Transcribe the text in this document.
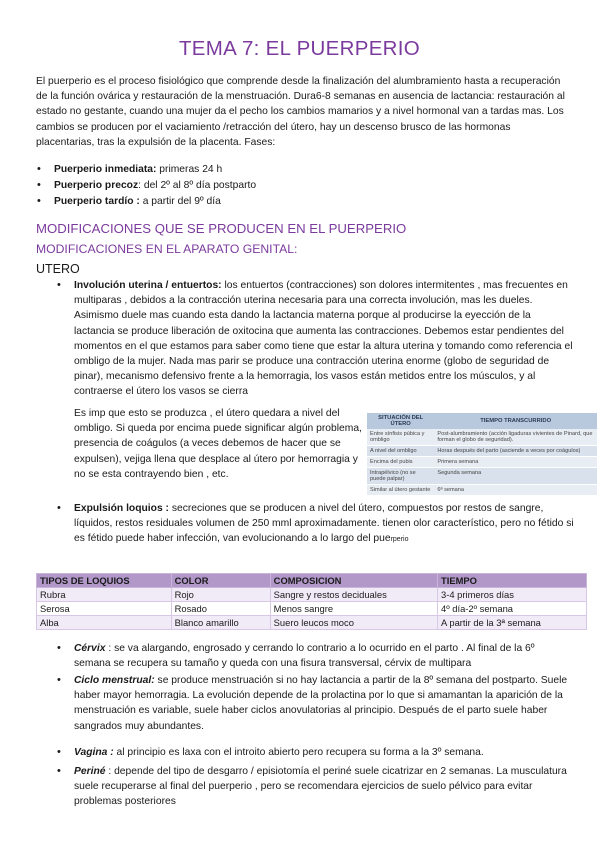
TEMA 7: EL PUERPERIO
El puerperio es el proceso fisiológico que comprende desde la finalización del alumbramiento hasta a recuperación de la función ovárica y restauración de la menstruación. Dura6-8 semanas en ausencia de lactancia: restauración al estado no gestante, cuando una mujer da el pecho los cambios mamarios y a nivel hormonal van a tardas mas. Los cambios se producen por el vaciamiento /retracción del útero, hay un descenso brusco de las hormonas placentarias, tras la expulsión de la placenta. Fases:
• Puerperio inmediata: primeras 24 h
• Puerperio precoz: del 2º al 8º día postparto
• Puerperio tardío : a partir del 9º día
MODIFICACIONES QUE SE PRODUCEN EN EL PUERPERIO
MODIFICACIONES EN EL APARATO GENITAL:
UTERO
• Involución uterina / entuertos: los entuertos (contracciones) son dolores intermitentes , mas frecuentes en multiparas , debidos a la contracción uterina necesaria para una correcta involución, mas les dueles. Asimismo duele mas cuando esta dando la lactancia materna porque al producirse la eyección de la lactancia se produce liberación de oxitocina que aumenta las contracciones. Debemos estar pendientes del momentos en el que estamos para saber como tiene que estar la altura uterina y tomando como referencia el ombligo de la mujer. Nada mas parir se produce una contracción uterina enorme (globo de seguridad de pinar), mecanismo defensivo frente a la hemorragia, los vasos están metidos entre los músculos, y al contraerse el útero los vasos se cierra
Es imp que esto se produzca , el útero quedara a nivel del ombligo. Si queda por encima puede significar algún problema, presencia de coágulos (a veces debemos de hacer que se expulsen), vejiga llena que desplace al útero por hemorragia y no se esta contrayendo bien , etc.
SITUACIÓN DEL ÚTERO	TIEMPO TRANSCURRIDO
Entre sínfisis púbica y ombligo	Post-alumbramiento (acción ligaduras vivientes de Pinard, que forman el globo de seguridad).
A nivel del ombligo	Horas después del parto (asciende a veces por coágulos)
Encima del pubis	Primera semana
Intrapélvico (no se puede palpar)	Segunda semana
Similar al útero gestante	6ª semana
• Expulsión loquios : secreciones que se producen a nivel del útero, compuestos por restos de sangre, líquidos, restos residuales volumen de 250 mml aproximadamente. tienen olor característico, pero no fétido si es fétido puede haber infección, van evolucionando a lo largo del puerperio
TIPOS DE LOQUIOS	COLOR	COMPOSICION	TIEMPO
Rubra	Rojo	Sangre y restos deciduales	3-4 primeros días
Serosa	Rosado	Menos sangre	4º día-2º semana
Alba	Blanco amarillo	Suero leucos moco	A partir de la 3ª semana
• Cérvix : se va alargando, engrosado y cerrando lo contrario a lo ocurrido en el parto . Al final de la 6º semana se recupera su tamaño y queda con una fisura transversal, cérvix de multipara
• Ciclo menstrual: se produce menstruación si no hay lactancia a partir de la 8º semana del postparto. Suele haber mayor hemorragia. La evolución depende de la prolactina por lo que si amamantan la aparición de la menstruación es variable, suele haber ciclos anovulatorias al principio. Después de el parto suele haber sangrados muy abundantes.
• Vagina : al principio es laxa con el introito abierto pero recupera su forma a la 3º semana.
• Periné : depende del tipo de desgarro / episiotomía el periné suele cicatrizar en 2 semanas. La musculatura suele recuperarse al final del puerperio , pero se recomendara ejercicios de suelo pélvico para evitar problemas posteriores
